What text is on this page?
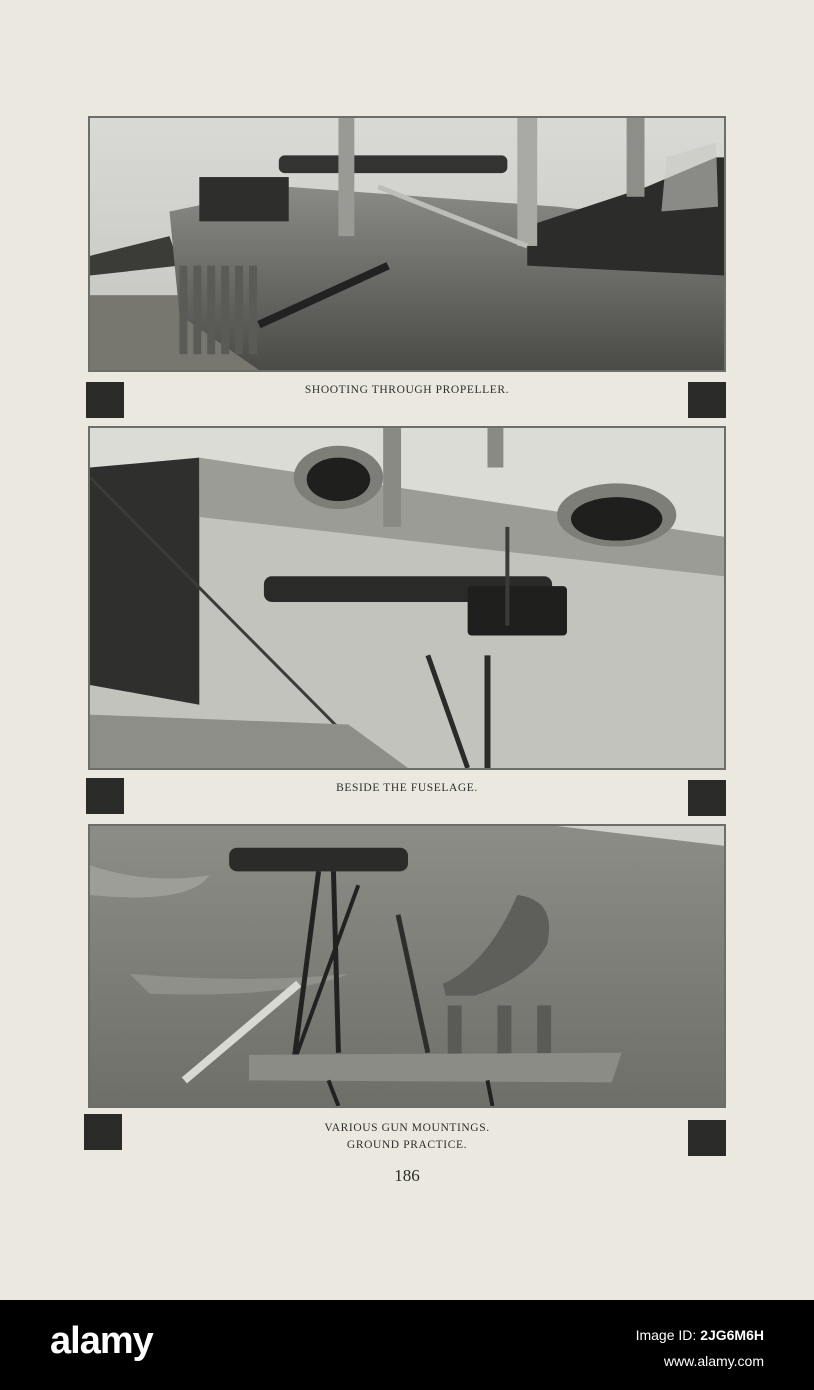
SHOOTING THROUGH PROPELLER.
BESIDE THE FUSELAGE.
VARIOUS GUN MOUNTINGS.
GROUND PRACTICE.
186
alamy	Image ID: 2JG6M6H
www.alamy.com
